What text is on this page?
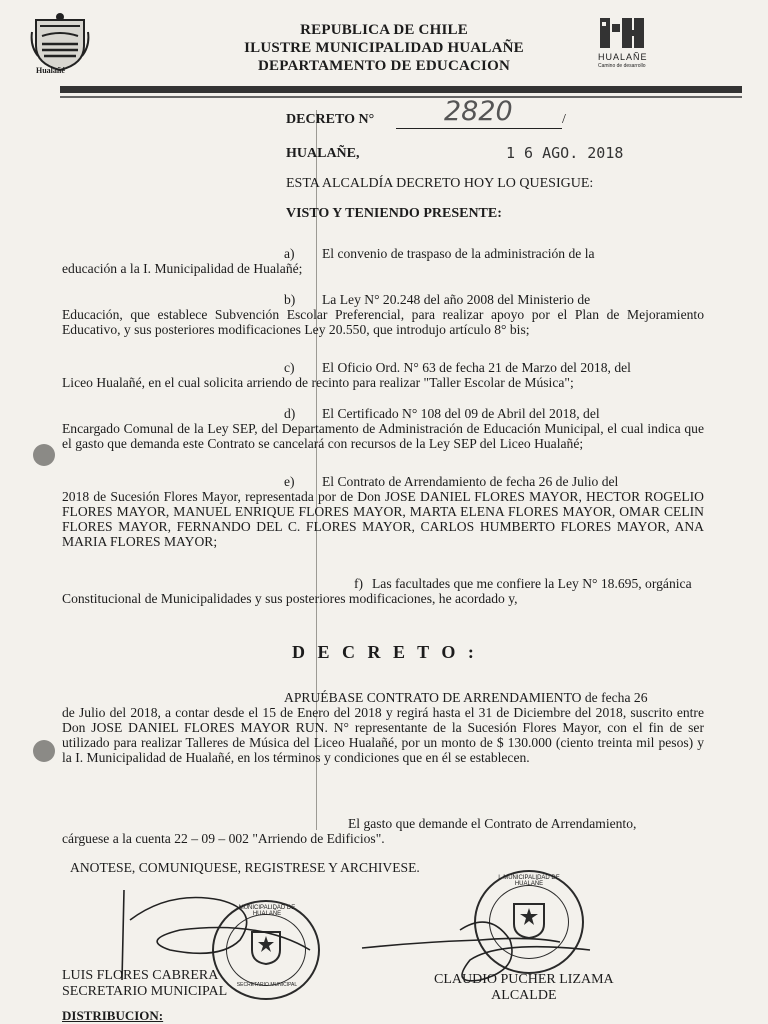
Hualañé
HUALAÑE
Camino de desarrollo
REPUBLICA DE CHILE
ILUSTRE MUNICIPALIDAD HUALAÑE
DEPARTAMENTO DE EDUCACION
DECRETO N°	2820	/
HUALAÑE,	1 6 AGO. 2018
ESTA ALCALDÍA DECRETO HOY LO QUESIGUE:
VISTO Y TENIENDO PRESENTE:
a) El convenio de traspaso de la administración de la
educación a la I. Municipalidad de Hualañé;
b) La Ley N° 20.248 del año 2008 del Ministerio de
Educación, que establece Subvención Escolar Preferencial, para realizar apoyo por el Plan de Mejoramiento Educativo, y sus posteriores modificaciones Ley 20.550, que introdujo artículo 8° bis;
c) El Oficio Ord. N° 63 de fecha 21 de Marzo del 2018, del
Liceo Hualañé, en el cual solicita arriendo de recinto para realizar "Taller Escolar de Música";
d) El Certificado N° 108 del 09 de Abril del 2018, del
Encargado Comunal de la Ley SEP, del Departamento de Administración de Educación Municipal, el cual indica que el gasto que demanda este Contrato se cancelará con recursos de la Ley SEP del Liceo Hualañé;
e) El Contrato de Arrendamiento de fecha 26 de Julio del
2018 de Sucesión Flores Mayor, representada por de Don JOSE DANIEL FLORES MAYOR, HECTOR ROGELIO FLORES MAYOR, MANUEL ENRIQUE FLORES MAYOR, MARTA ELENA FLORES MAYOR, OMAR CELIN FLORES MAYOR, FERNANDO DEL C. FLORES MAYOR, CARLOS HUMBERTO FLORES MAYOR, ANA MARIA FLORES MAYOR;
f) Las facultades que me confiere la Ley N° 18.695, orgánica
Constitucional de Municipalidades y sus posteriores modificaciones, he acordado y,
D E C R E T O :
APRUÉBASE CONTRATO DE ARRENDAMIENTO de fecha 26
de Julio del 2018, a contar desde el 15 de Enero del 2018 y regirá hasta el 31 de Diciembre del 2018, suscrito entre Don JOSE DANIEL FLORES MAYOR RUN. N° representante de la Sucesión Flores Mayor, con el fin de ser utilizado para realizar Talleres de Música del Liceo Hualañé, por un monto de $ 130.000 (ciento treinta mil pesos) y la I. Municipalidad de Hualañé, en los términos y condiciones que en él se establecen.
El gasto que demande el Contrato de Arrendamiento,
cárguese a la cuenta 22 – 09 – 002 "Arriendo de Edificios".
ANOTESE, COMUNIQUESE, REGISTRESE Y ARCHIVESE.
MUNICIPALIDAD DE HUALAÑE
SECRETARIO MUNICIPAL
I. MUNICIPALIDAD DE HUALAÑE
LUIS FLORES CABRERA
SECRETARIO MUNICIPAL
CLAUDIO PUCHER LIZAMA
ALCALDE
DISTRIBUCION:
